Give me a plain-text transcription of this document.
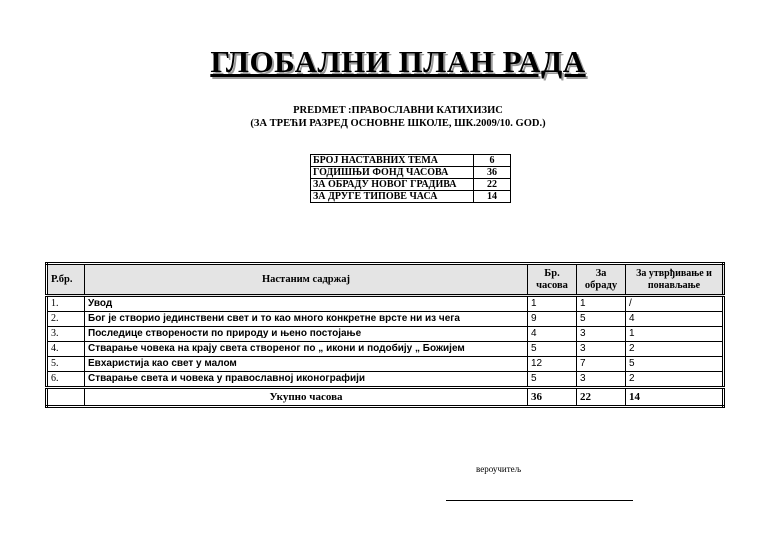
ГЛОБАЛНИ ПЛАН РАДА
PREDMET :ПРАВОСЛАВНИ КАТИХИЗИС
(ЗА ТРЕЋИ РАЗРЕД ОСНОВНЕ ШКОЛЕ, ШК.2009/10. GOD.)
БРОЈ НАСТАВНИХ ТЕМА	6
ГОДИШЊИ ФОНД ЧАСОВА	36
ЗА ОБРАДУ НОВОГ ГРАДИВА	22
ЗА ДРУГЕ ТИПОВЕ ЧАСА	14
Р.бр.	Настаним садржај	Бр. часова	За обраду	За утврђивање и понављање
1.	Увод	1	1	/
2.	Бог је створио јединствени свет и то као много конкретне врсте ни из чега	9	5	4
3.	Последице створености по природу и њено постојање	4	3	1
4.	Стварање човека на крају света створеног по „ икони и подобију „ Божијем	5	3	2
5.	Евхаристија као свет у малом	12	7	5
6.	Стварање света и човека у православној иконографији	5	3	2
	Укупно часова	36	22	14
вероучитељ
